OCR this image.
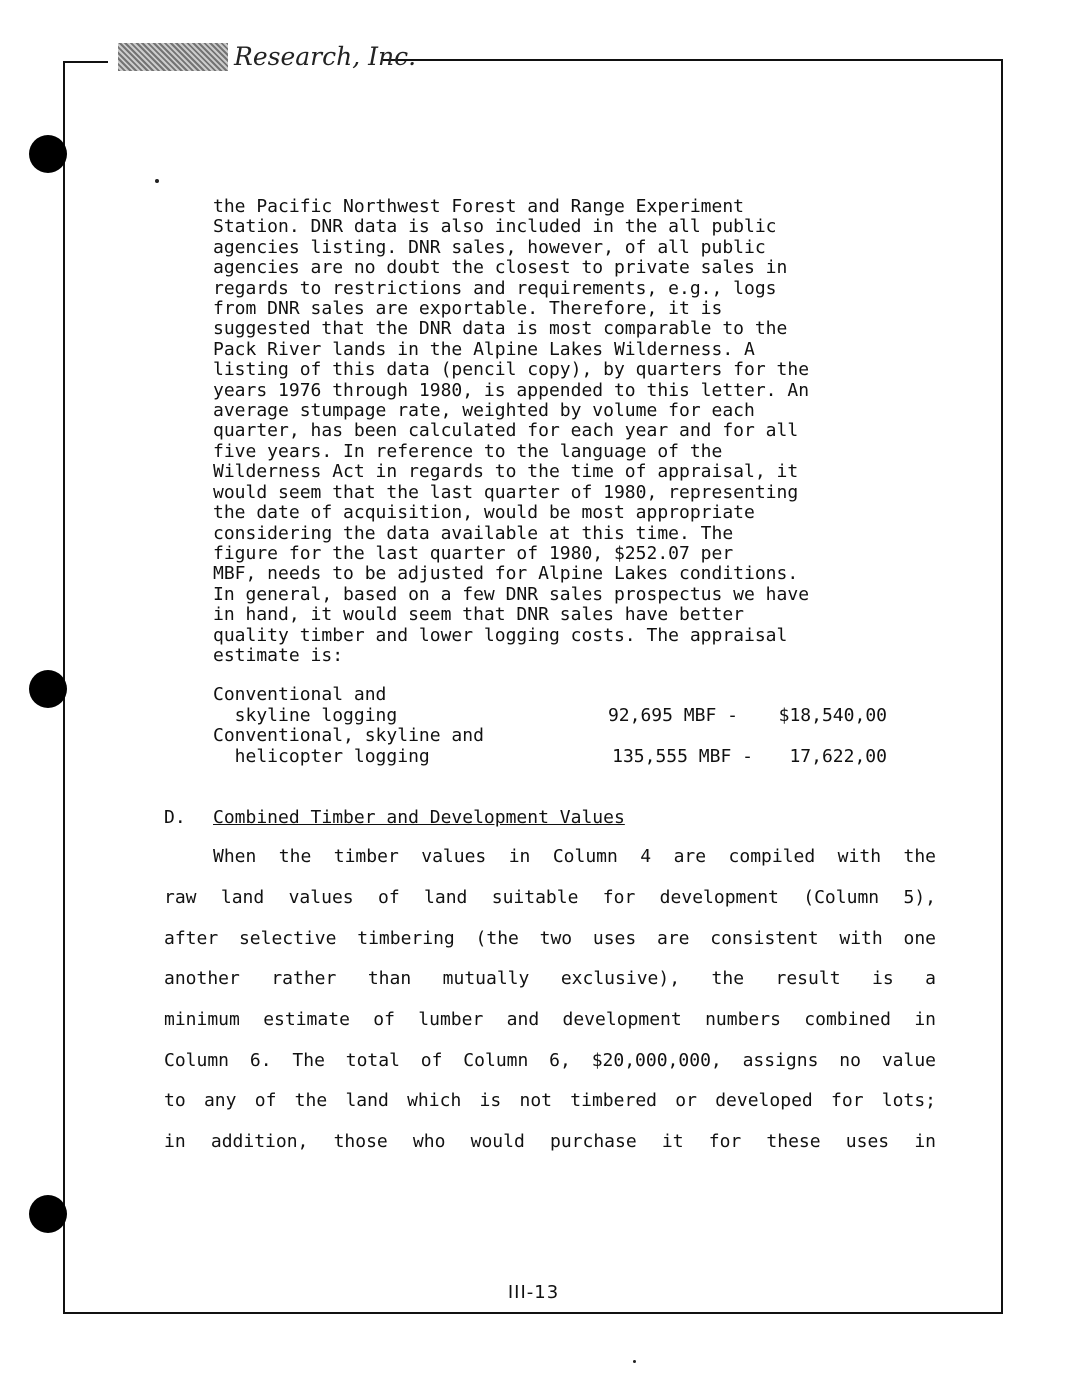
Research, Inc.
the Pacific Northwest Forest and Range Experiment
Station. DNR data is also included in the all public
agencies listing. DNR sales, however, of all public
agencies are no doubt the closest to private sales in
regards to restrictions and requirements, e.g., logs
from DNR sales are exportable. Therefore, it is
suggested that the DNR data is most comparable to the
Pack River lands in the Alpine Lakes Wilderness. A
listing of this data (pencil copy), by quarters for the
years 1976 through 1980, is appended to this letter. An
average stumpage rate, weighted by volume for each
quarter, has been calculated for each year and for all
five years. In reference to the language of the
Wilderness Act in regards to the time of appraisal, it
would seem that the last quarter of 1980, representing
the date of acquisition, would be most appropriate
considering the data available at this time. The
figure for the last quarter of 1980, $252.07 per
MBF, needs to be adjusted for Alpine Lakes conditions.
In general, based on a few DNR sales prospectus we have
in hand, it would seem that DNR sales have better
quality timber and lower logging costs. The appraisal
estimate is:
Conventional and
skyline logging	92,695 MBF -	$18,540,00
Conventional, skyline and
helicopter logging	135,555 MBF -	17,622,00
D. Combined Timber and Development Values
When the timber values in Column 4 are compiled with the
raw land values of land suitable for development (Column 5),
after selective timbering (the two uses are consistent with one
another rather than mutually exclusive), the result is a
minimum estimate of lumber and development numbers combined in
Column 6. The total of Column 6, $20,000,000, assigns no value
to any of the land which is not timbered or developed for lots;
in addition, those who would purchase it for these uses in
III-13
